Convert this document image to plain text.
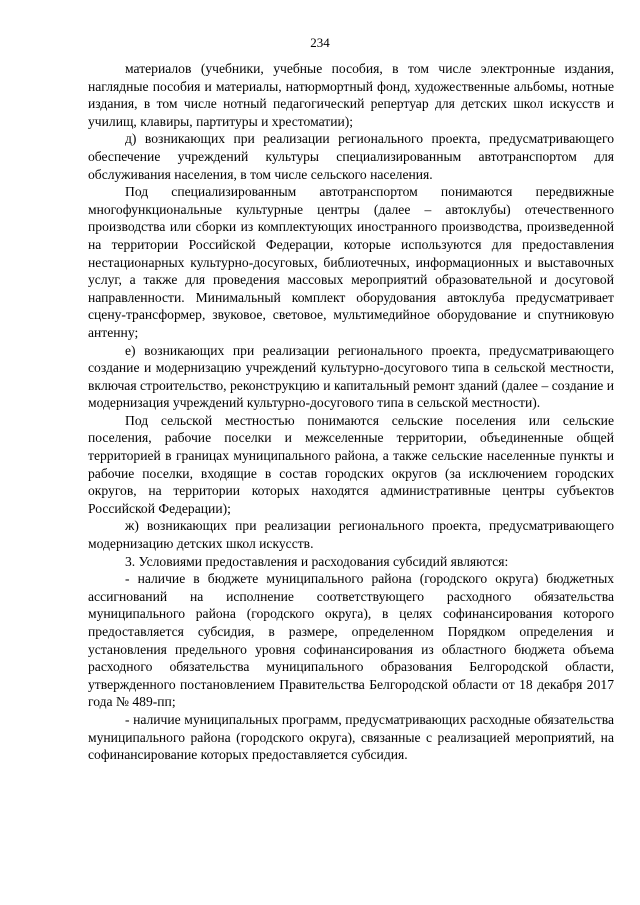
234

материалов (учебники, учебные пособия, в том числе электронные издания, наглядные пособия и материалы, натюрмортный фонд, художественные альбомы, нотные издания, в том числе нотный педагогический репертуар для детских школ искусств и училищ, клавиры, партитуры и хрестоматии);

д) возникающих при реализации регионального проекта, предусматривающего обеспечение учреждений культуры специализированным автотранспортом для обслуживания населения, в том числе сельского населения.

Под специализированным автотранспортом понимаются передвижные многофункциональные культурные центры (далее – автоклубы) отечественного производства или сборки из комплектующих иностранного производства, произведенной на территории Российской Федерации, которые используются для предоставления нестационарных культурно-досуговых, библиотечных, информационных и выставочных услуг, а также для проведения массовых мероприятий образовательной и досуговой направленности. Минимальный комплект оборудования автоклуба предусматривает сцену-трансформер, звуковое, световое, мультимедийное оборудование и спутниковую антенну;

е) возникающих при реализации регионального проекта, предусматривающего создание и модернизацию учреждений культурно-досугового типа в сельской местности, включая строительство, реконструкцию и капитальный ремонт зданий (далее – создание и модернизация учреждений культурно-досугового типа в сельской местности).

Под сельской местностью понимаются сельские поселения или сельские поселения, рабочие поселки и межселенные территории, объединенные общей территорией в границах муниципального района, а также сельские населенные пункты и рабочие поселки, входящие в состав городских округов (за исключением городских округов, на территории которых находятся административные центры субъектов Российской Федерации);

ж) возникающих при реализации регионального проекта, предусматривающего модернизацию детских школ искусств.

3. Условиями предоставления и расходования субсидий являются:

- наличие в бюджете муниципального района (городского округа) бюджетных ассигнований на исполнение соответствующего расходного обязательства муниципального района (городского округа), в целях софинансирования которого предоставляется субсидия, в размере, определенном Порядком определения и установления предельного уровня софинансирования из областного бюджета объема расходного обязательства муниципального образования Белгородской области, утвержденного постановлением Правительства Белгородской области от 18 декабря 2017 года № 489-пп;

- наличие муниципальных программ, предусматривающих расходные обязательства муниципального района (городского округа), связанные с реализацией мероприятий, на софинансирование которых предоставляется субсидия.
